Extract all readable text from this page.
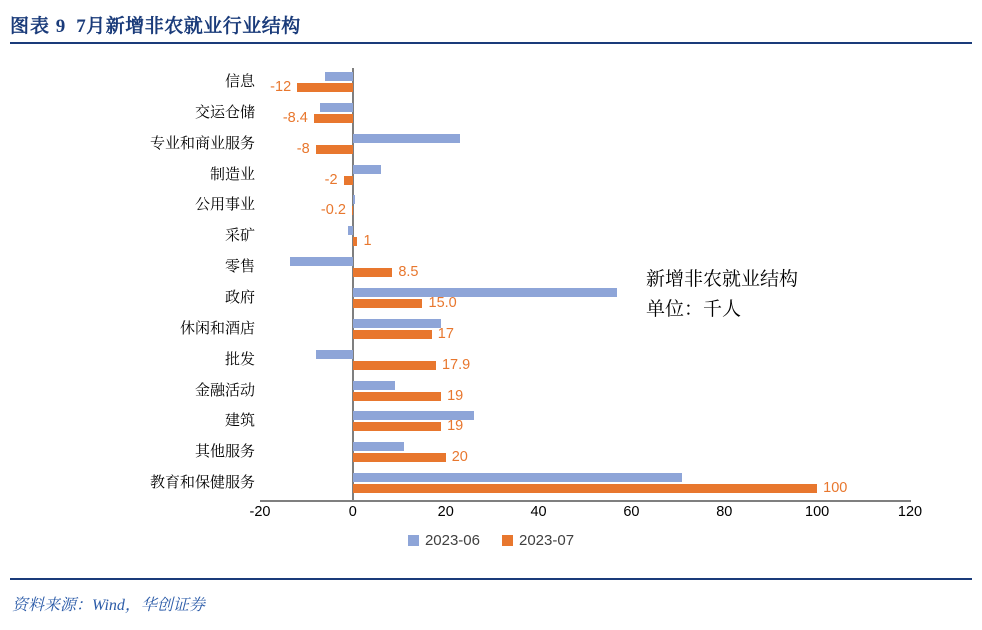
图表 9 7月新增非农就业行业结构
信息 -12
交运仓储 -8.4
专业和商业服务	-8
制造业	-2
公用事业	-0.2
采矿	1
零售	8.5
政府	15.0
休闲和酒店	17
批发	17.9
金融活动	19
建筑	19
其他服务	20
教育和保健服务	100
-20	0	20	40	60	80	100	120
新增非农就业结构
单位：千人
2023-06	2023-07
资料来源：Wind，华创证券
